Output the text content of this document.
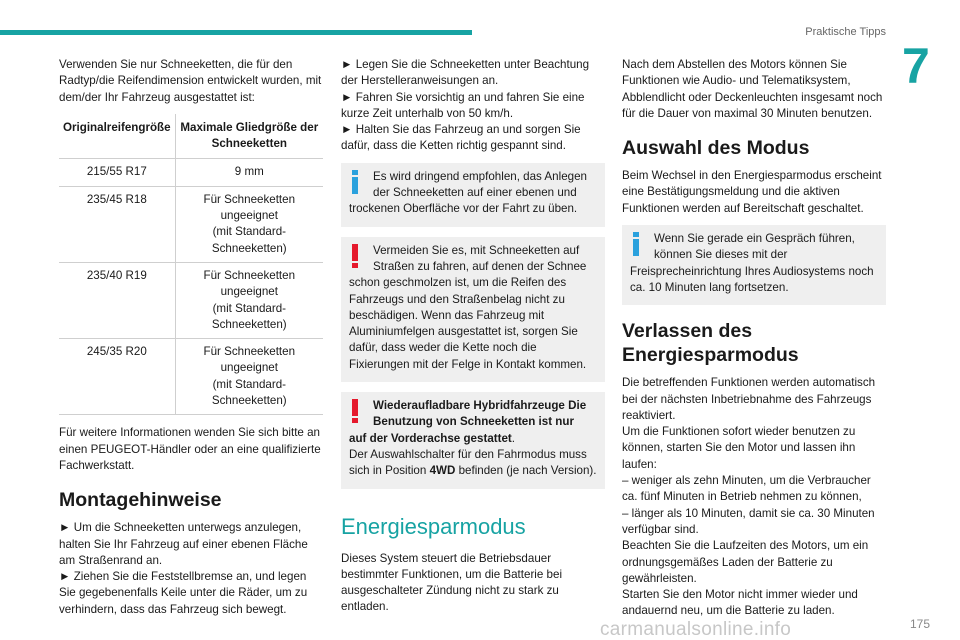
Praktische Tipps
7

Verwenden Sie nur Schneeketten, die für den Radtyp/die Reifendimension entwickelt wurden, mit dem/der Ihr Fahrzeug ausgestattet ist:

Originalreifengröße	Maximale Gliedgröße der Schneeketten
215/55 R17	9 mm
235/45 R18	Für Schneeketten ungeeignet
(mit Standard-Schneeketten)
235/40 R19	Für Schneeketten ungeeignet
(mit Standard-Schneeketten)
245/35 R20	Für Schneeketten ungeeignet
(mit Standard-Schneeketten)

Für weitere Informationen wenden Sie sich bitte an einen PEUGEOT-Händler oder an eine qualifizierte Fachwerkstatt.

Montagehinweise

► Um die Schneeketten unterwegs anzulegen, halten Sie Ihr Fahrzeug auf einer ebenen Fläche am Straßenrand an.

► Ziehen Sie die Feststellbremse an, und legen Sie gegebenenfalls Keile unter die Räder, um zu verhindern, dass das Fahrzeug sich bewegt.

► Legen Sie die Schneeketten unter Beachtung der Herstelleranweisungen an.

► Fahren Sie vorsichtig an und fahren Sie eine kurze Zeit unterhalb von 50 km/h.

► Halten Sie das Fahrzeug an und sorgen Sie dafür, dass die Ketten richtig gespannt sind.

Es wird dringend empfohlen, das Anlegen der Schneeketten auf einer ebenen und
trockenen Oberfläche vor der Fahrt zu üben.
Vermeiden Sie es, mit Schneeketten auf Straßen zu fahren, auf denen der Schnee
schon geschmolzen ist, um die Reifen des Fahrzeugs und den Straßenbelag nicht zu beschädigen. Wenn das Fahrzeug mit Aluminiumfelgen ausgestattet ist, sorgen Sie dafür, dass weder die Kette noch die Fixierungen mit der Felge in Kontakt kommen.
Wiederaufladbare Hybridfahrzeuge Die Benutzung von Schneeketten ist nur
auf der Vorderachse gestattet.
Der Auswahlschalter für den Fahrmodus muss sich in Position 4WD befinden (je nach Version).
Energiesparmodus

Dieses System steuert die Betriebsdauer bestimmter Funktionen, um die Batterie bei ausgeschalteter Zündung nicht zu stark zu entladen.

Nach dem Abstellen des Motors können Sie Funktionen wie Audio- und Telematiksystem, Abblendlicht oder Deckenleuchten insgesamt noch für die Dauer von maximal 30 Minuten benutzen.

Auswahl des Modus

Beim Wechsel in den Energiesparmodus erscheint eine Bestätigungsmeldung und die aktiven Funktionen werden auf Bereitschaft geschaltet.

Wenn Sie gerade ein Gespräch führen, können Sie dieses mit der
Freisprecheinrichtung Ihres Audiosystems noch ca. 10 Minuten lang fortsetzen.
Verlassen des Energiesparmodus

Die betreffenden Funktionen werden automatisch bei der nächsten Inbetriebnahme des Fahrzeugs reaktiviert.

Um die Funktionen sofort wieder benutzen zu können, starten Sie den Motor und lassen ihn laufen:

– weniger als zehn Minuten, um die Verbraucher ca. fünf Minuten in Betrieb nehmen zu können,

– länger als 10 Minuten, damit sie ca. 30 Minuten verfügbar sind.

Beachten Sie die Laufzeiten des Motors, um ein ordnungsgemäßes Laden der Batterie zu gewährleisten.

Starten Sie den Motor nicht immer wieder und andauernd neu, um die Batterie zu laden.

carmanualsonline.info	175
